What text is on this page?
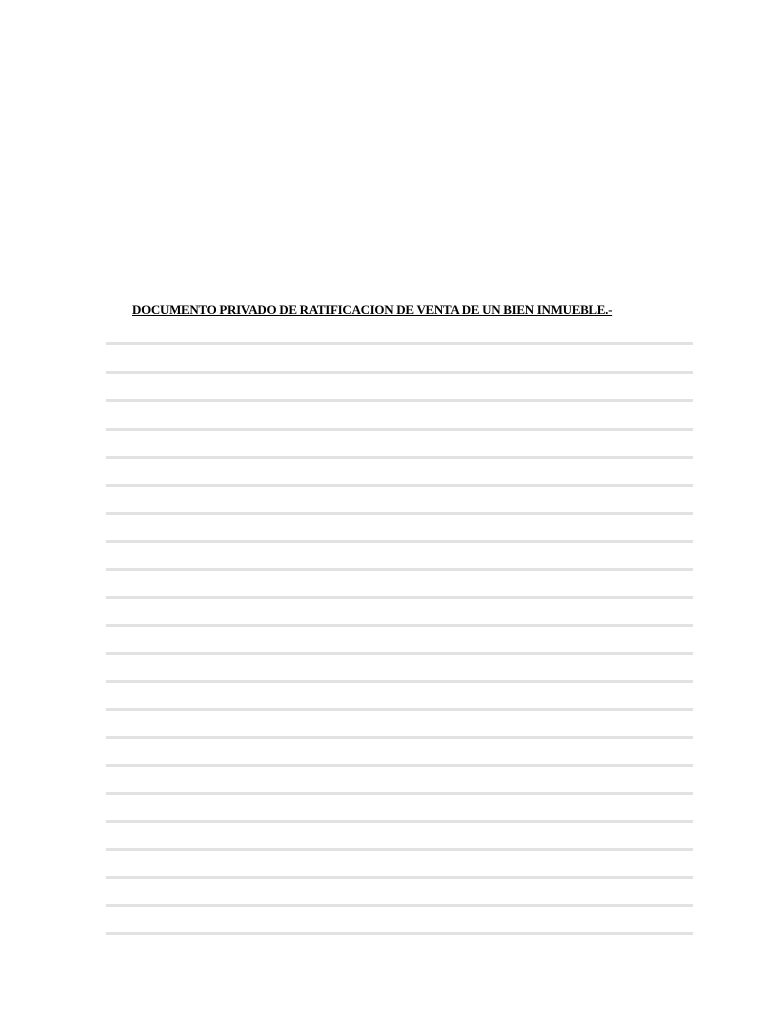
DOCUMENTO PRIVADO DE RATIFICACION DE VENTA DE UN BIEN INMUEBLE.-
